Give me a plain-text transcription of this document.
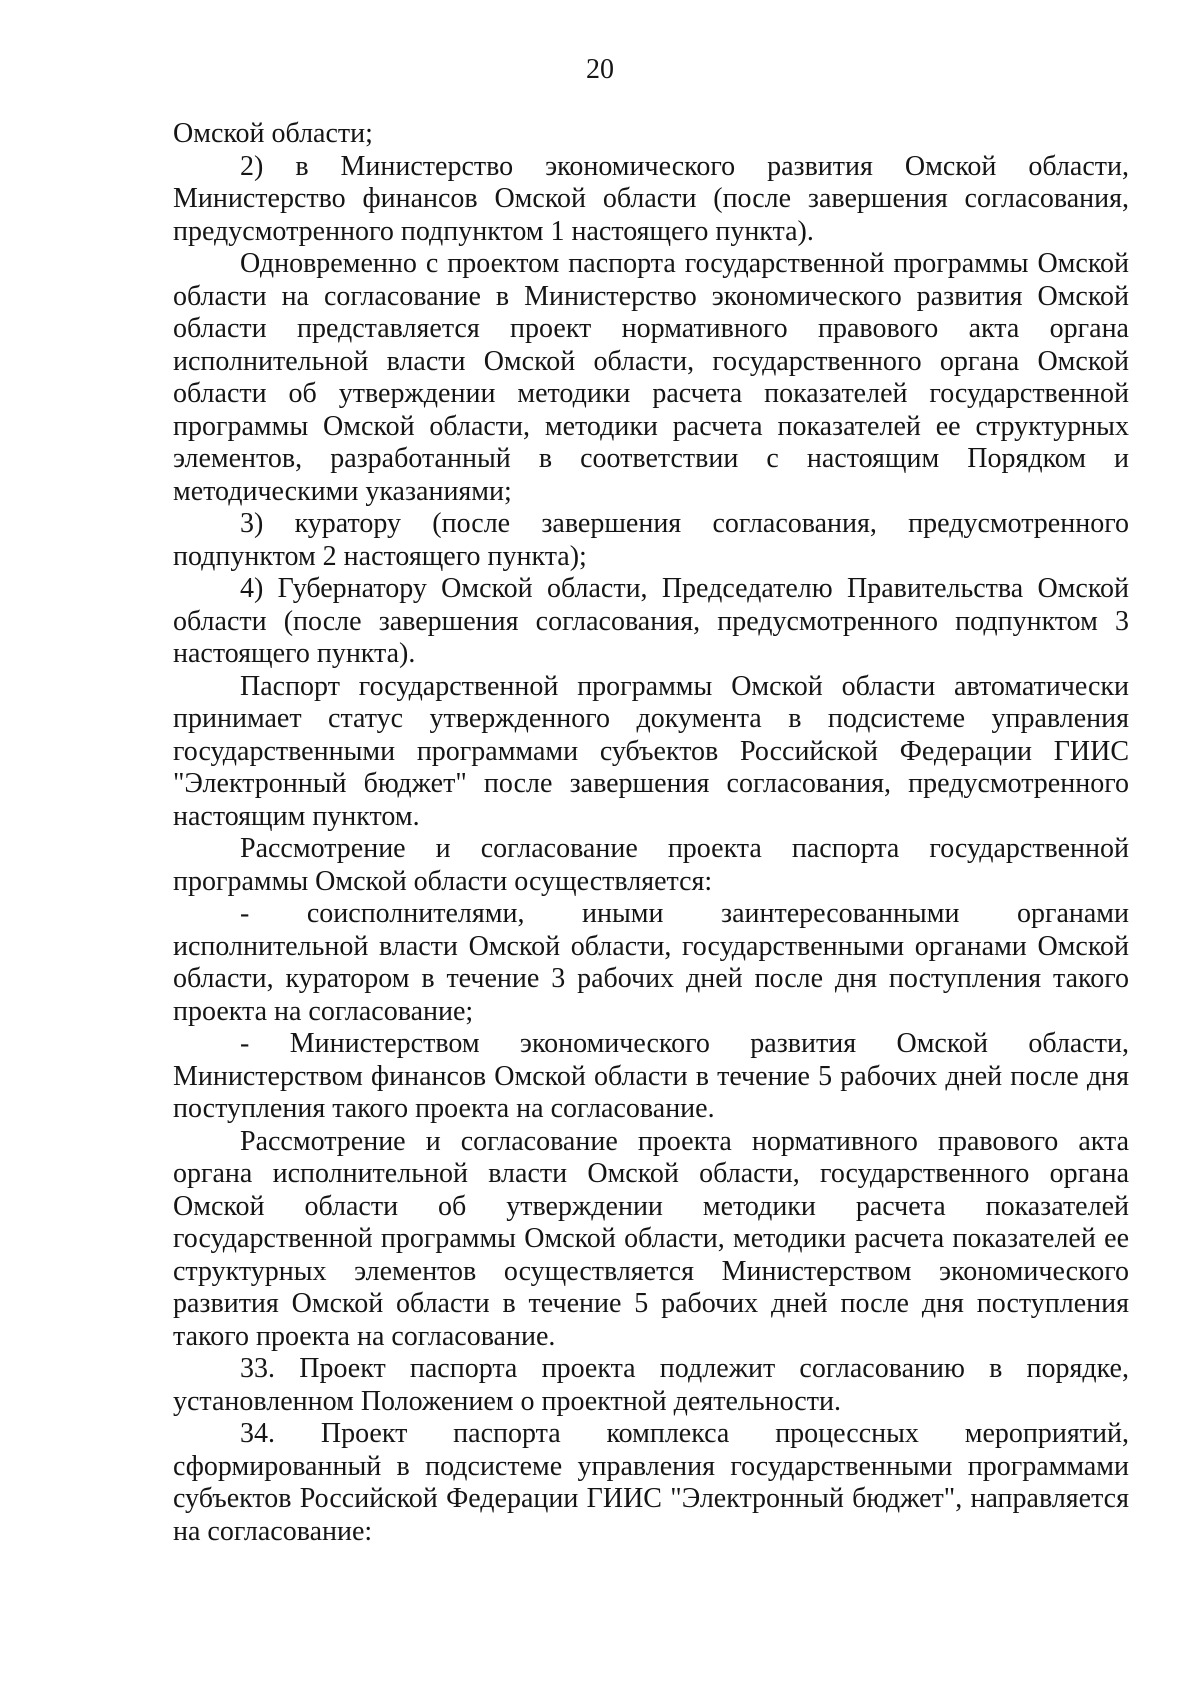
20

Омской области;

2) в Министерство экономического развития Омской области, Министерство финансов Омской области (после завершения согласования, предусмотренного подпунктом 1 настоящего пункта).

Одновременно с проектом паспорта государственной программы Омской области на согласование в Министерство экономического развития Омской области представляется проект нормативного правового акта органа исполнительной власти Омской области, государственного органа Омской области об утверждении методики расчета показателей государственной программы Омской области, методики расчета показателей ее структурных элементов, разработанный в соответствии с настоящим Порядком и методическими указаниями;

3) куратору (после завершения согласования, предусмотренного подпунктом 2 настоящего пункта);

4) Губернатору Омской области, Председателю Правительства Омской области (после завершения согласования, предусмотренного подпунктом 3 настоящего пункта).

Паспорт государственной программы Омской области автоматически принимает статус утвержденного документа в подсистеме управления государственными программами субъектов Российской Федерации ГИИС "Электронный бюджет" после завершения согласования, предусмотренного настоящим пунктом.

Рассмотрение и согласование проекта паспорта государственной программы Омской области осуществляется:

- соисполнителями, иными заинтересованными органами исполнительной власти Омской области, государственными органами Омской области, куратором в течение 3 рабочих дней после дня поступления такого проекта на согласование;

- Министерством экономического развития Омской области, Министерством финансов Омской области в течение 5 рабочих дней после дня поступления такого проекта на согласование.

Рассмотрение и согласование проекта нормативного правового акта органа исполнительной власти Омской области, государственного органа Омской области об утверждении методики расчета показателей государственной программы Омской области, методики расчета показателей ее структурных элементов осуществляется Министерством экономического развития Омской области в течение 5 рабочих дней после дня поступления такого проекта на согласование.

33. Проект паспорта проекта подлежит согласованию в порядке, установленном Положением о проектной деятельности.

34. Проект паспорта комплекса процессных мероприятий, сформированный в подсистеме управления государственными программами субъектов Российской Федерации ГИИС "Электронный бюджет", направляется на согласование:
